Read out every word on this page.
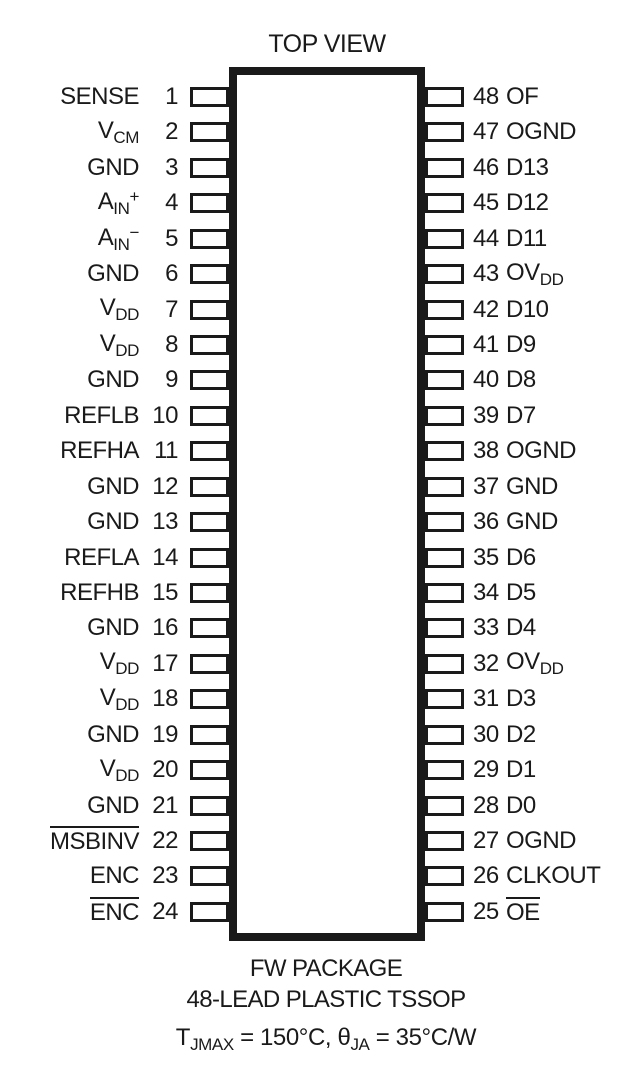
TOP VIEW
SENSE	1
$V_{CM}$	2
GND	3
$A_{IN}^+$	4
$A_{IN}^-$	5
GND	6
$V_{DD}$	7
$V_{DD}$	8
GND	9
REFLB 10
REFHA 11
GND 12
GND 13
REFLA 14
REFHB 15
GND 16
$V_{DD}$ 17
$V_{DD}$ 18
GND 19
$V_{DD}$ 20
GND 21
MSBINV 22
ENC 23
ENC 24
48 OF
47 OGND
46 D13
45 D12
44 D11
43 $OV_{DD}$
42 D10
41 D9
40 D8
39 D7
38 OGND
37 GND
36 GND
35 D6
34 D5
33 D4
32 $OV_{DD}$
31 D3
30 D2
29 D1
28 D0
27 OGND
26 CLKOUT
25 OE
FW PACKAGE
48-LEAD PLASTIC TSSOP
$T_{JMAX} = 150^\circ C$, $\theta_{JA} = 35^\circ C/W$
